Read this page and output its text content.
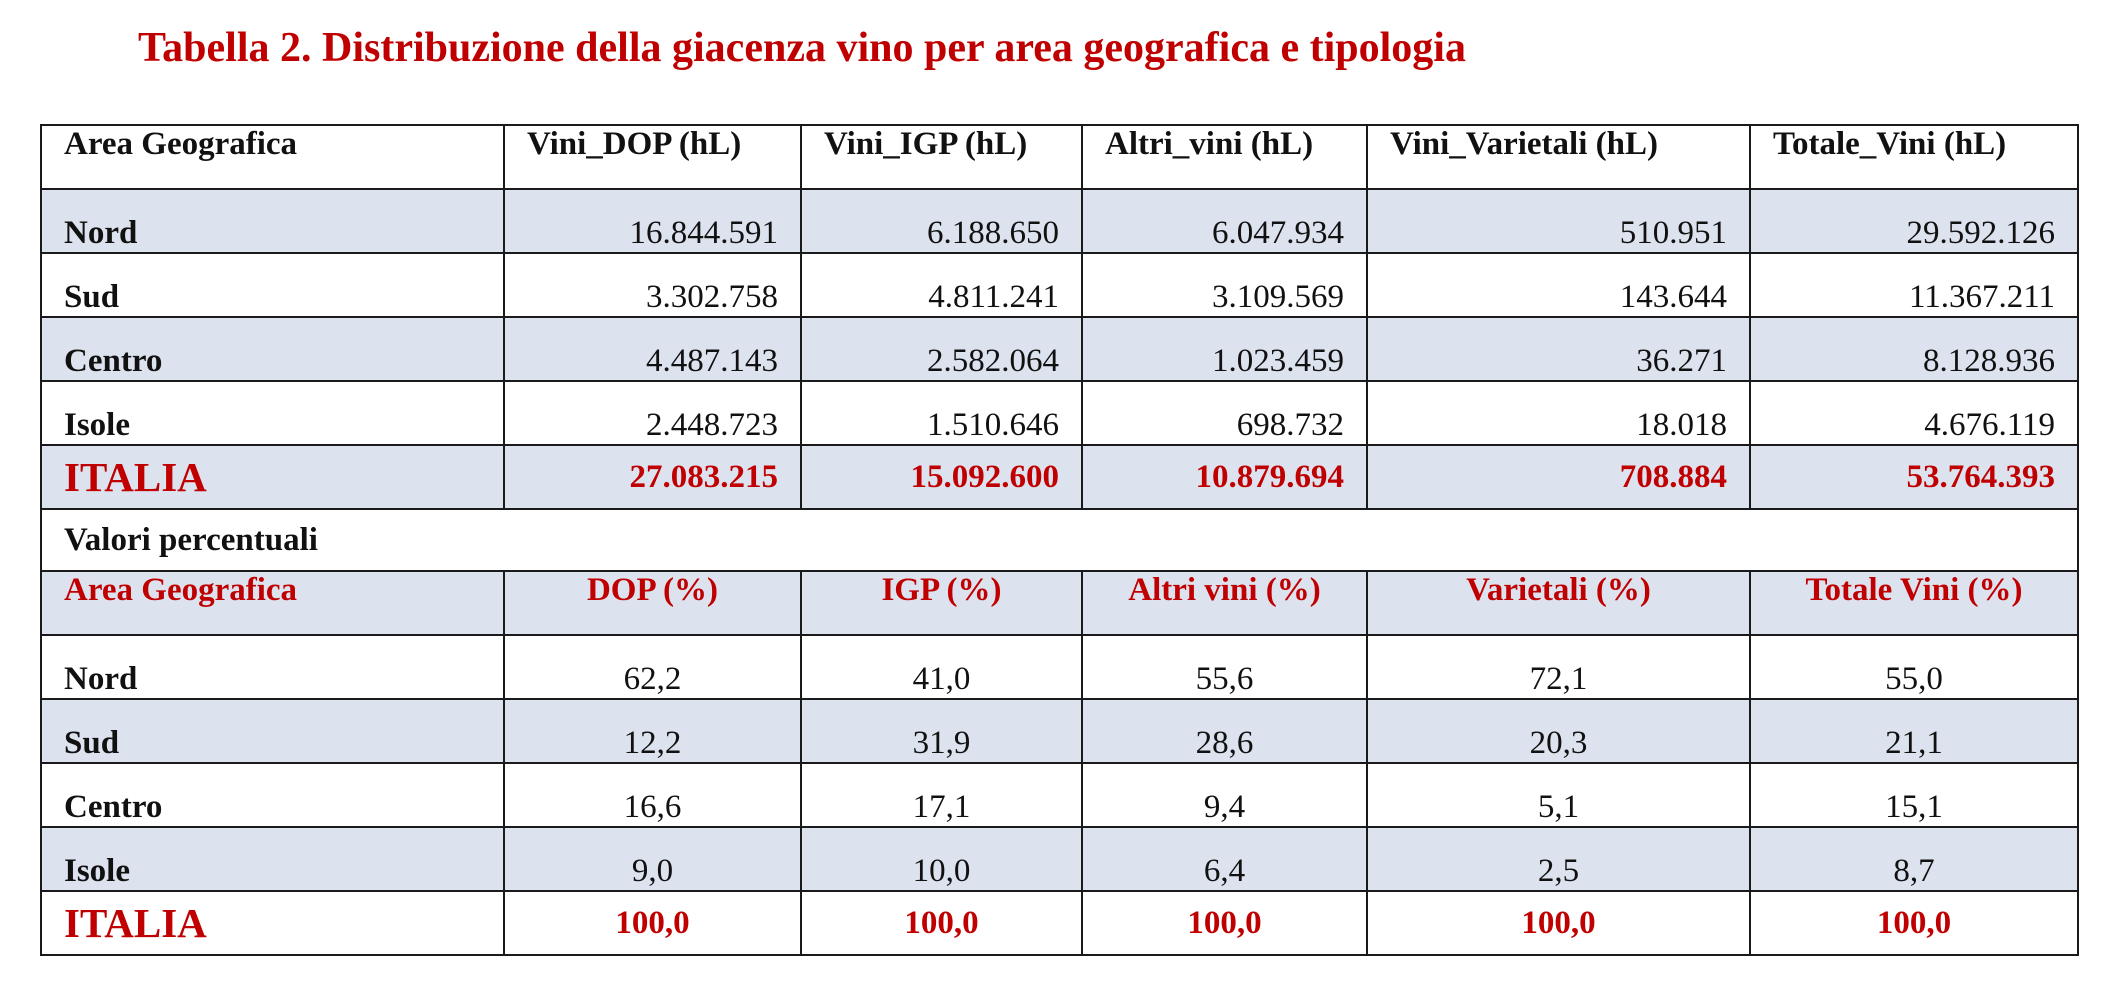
Tabella 2. Distribuzione della giacenza vino per area geografica e tipologia
Area Geografica	Vini_DOP (hL)	Vini_IGP (hL)	Altri_vini (hL)	Vini_Varietali (hL)	Totale_Vini (hL)
Nord	16.844.591	6.188.650	6.047.934	510.951	29.592.126
Sud	3.302.758	4.811.241	3.109.569	143.644	11.367.211
Centro	4.487.143	2.582.064	1.023.459	36.271	8.128.936
Isole	2.448.723	1.510.646	698.732	18.018	4.676.119
ITALIA	27.083.215	15.092.600	10.879.694	708.884	53.764.393
Valori percentuali					
Area Geografica	DOP (%)	IGP (%)	Altri vini (%)	Varietali (%)	Totale Vini (%)
Nord	62,2	41,0	55,6	72,1	55,0
Sud	12,2	31,9	28,6	20,3	21,1
Centro	16,6	17,1	9,4	5,1	15,1
Isole	9,0	10,0	6,4	2,5	8,7
ITALIA	100,0	100,0	100,0	100,0	100,0
